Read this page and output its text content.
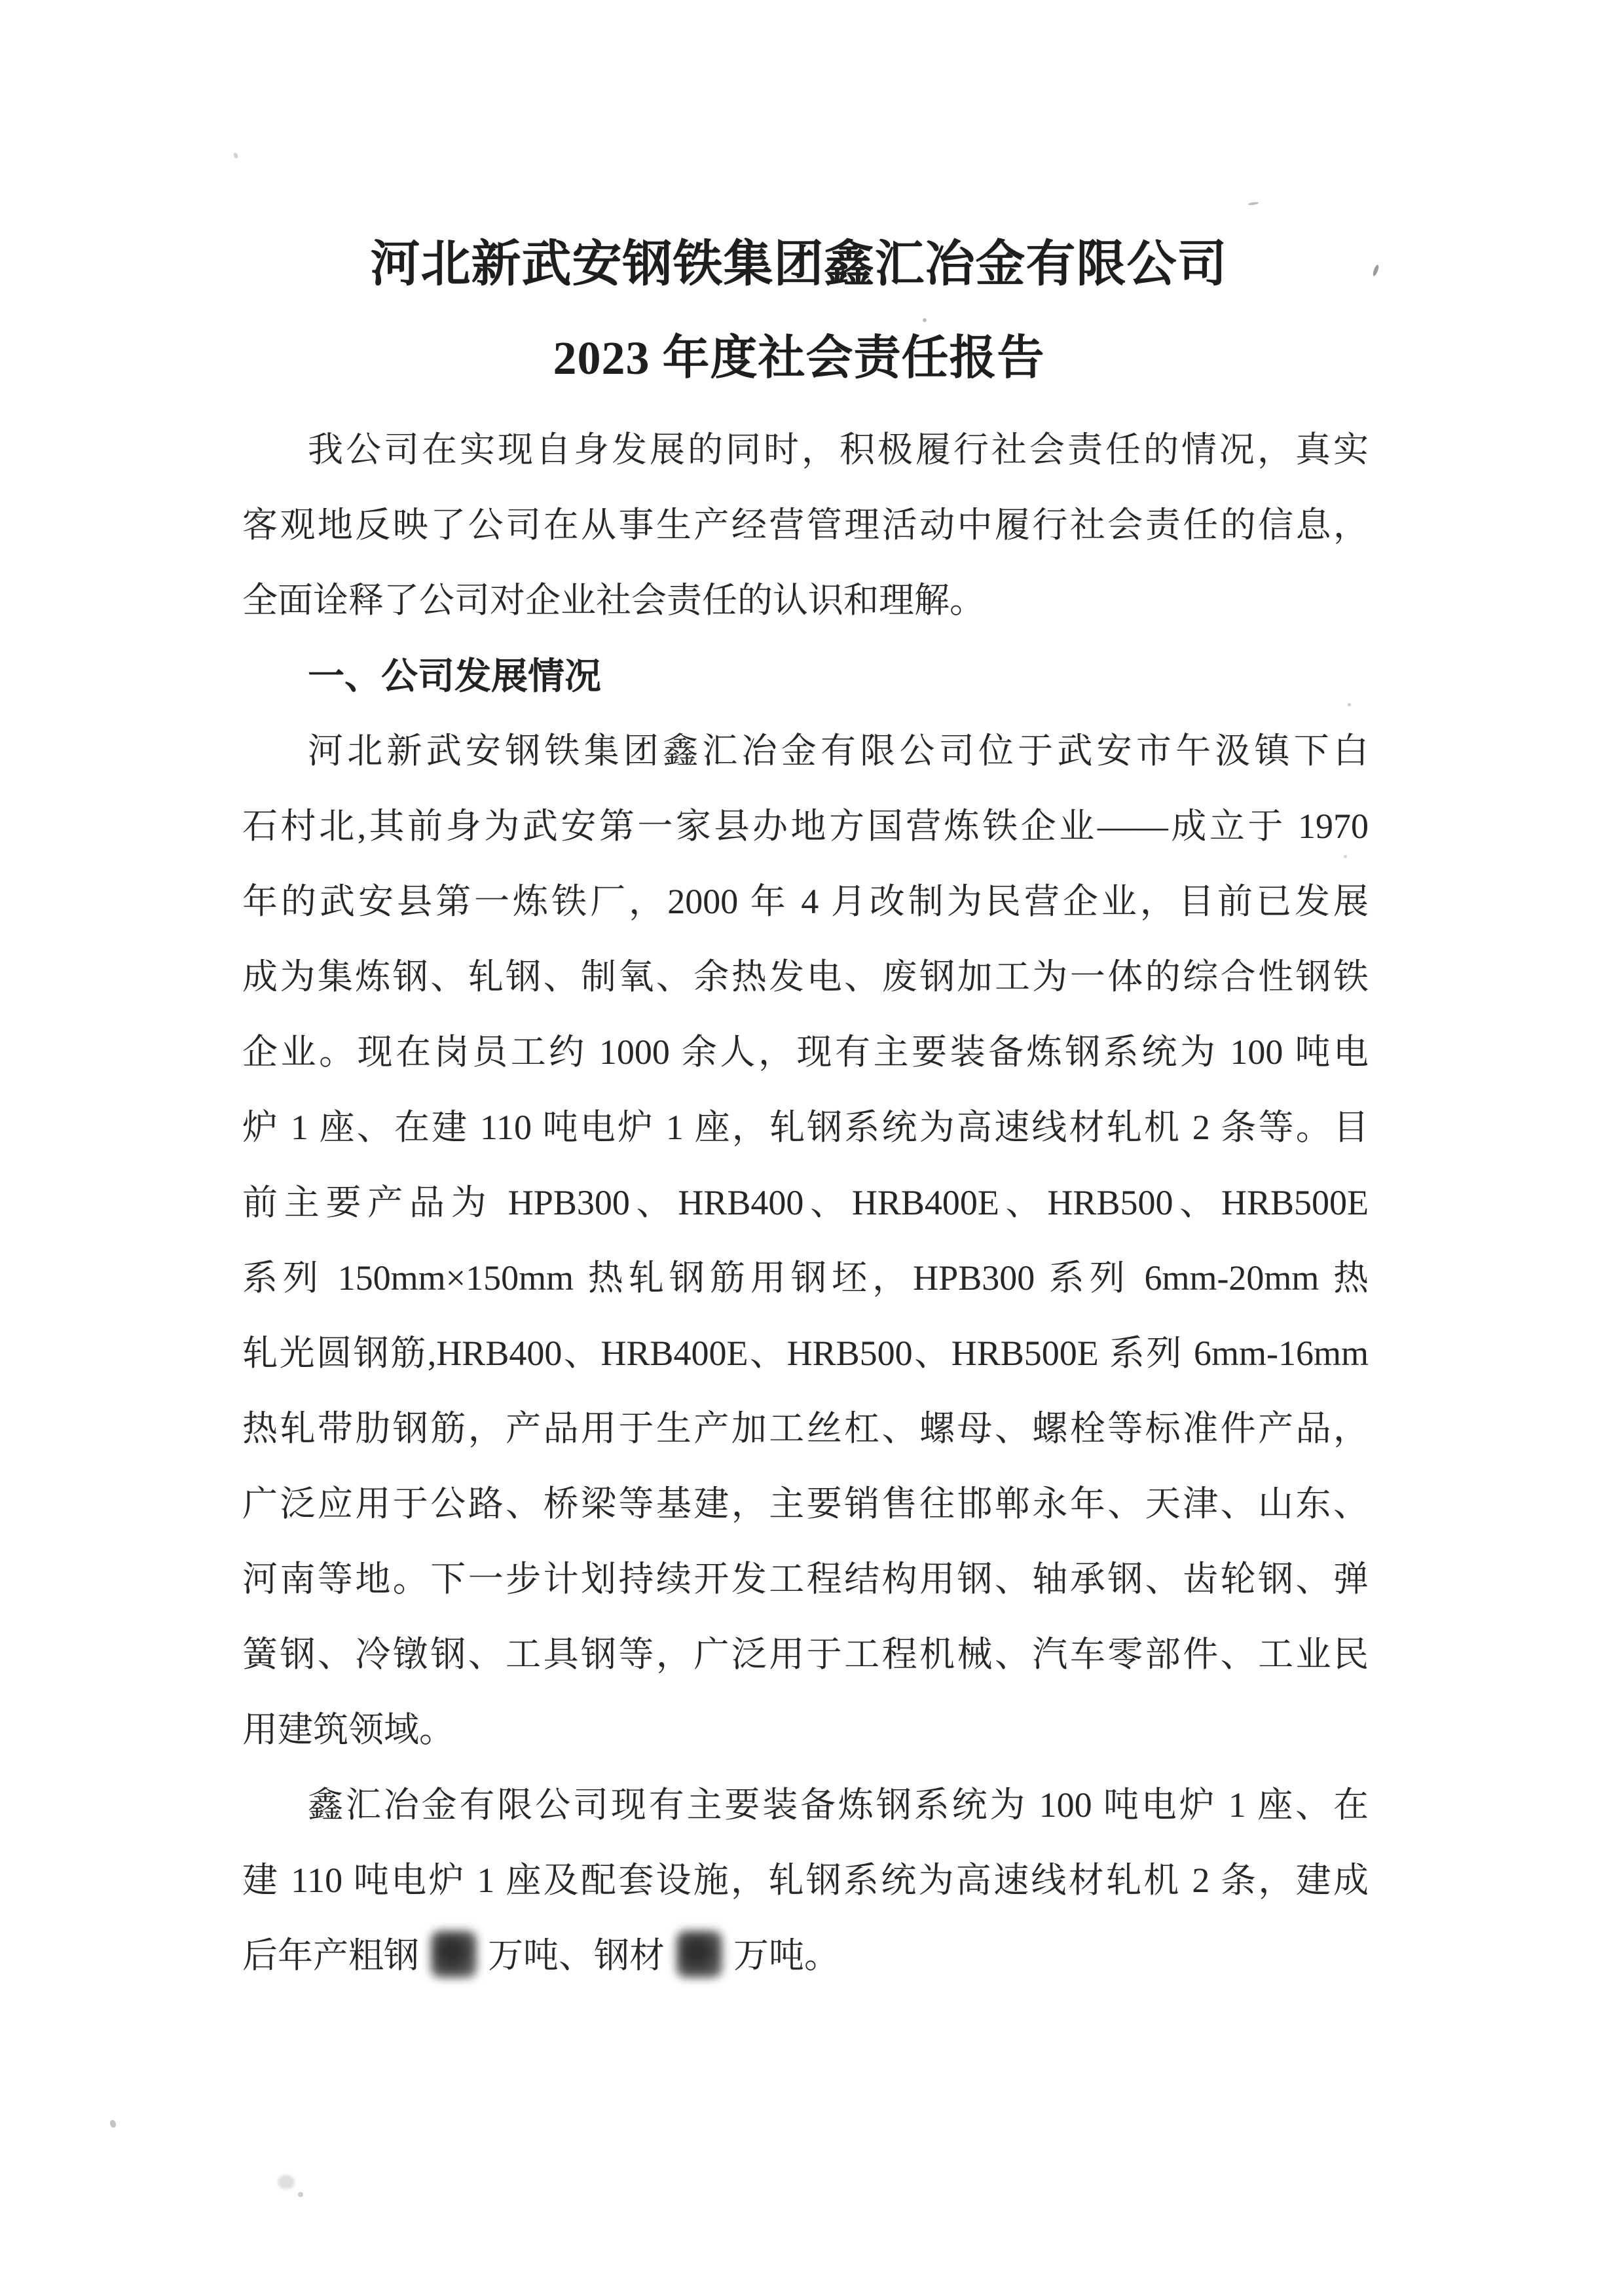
河北新武安钢铁集团鑫汇冶金有限公司
2023 年度社会责任报告
我公司在实现自身发展的同时，积极履行社会责任的情况，真实
客观地反映了公司在从事生产经营管理活动中履行社会责任的信息，
全面诠释了公司对企业社会责任的认识和理解。
一、公司发展情况
河北新武安钢铁集团鑫汇冶金有限公司位于武安市午汲镇下白
石村北,其前身为武安第一家县办地方国营炼铁企业——成立于 1970
年的武安县第一炼铁厂，2000 年 4 月改制为民营企业，目前已发展
成为集炼钢、轧钢、制氧、余热发电、废钢加工为一体的综合性钢铁
企业。现在岗员工约 1000 余人，现有主要装备炼钢系统为 100 吨电
炉 1 座、在建 110 吨电炉 1 座，轧钢系统为高速线材轧机 2 条等。目
前主要产品为 HPB300、HRB400、HRB400E、HRB500、HRB500E
系列 150mm×150mm 热轧钢筋用钢坯，HPB300 系列 6mm-20mm 热
轧光圆钢筋,HRB400、HRB400E、HRB500、HRB500E 系列 6mm-16mm
热轧带肋钢筋，产品用于生产加工丝杠、螺母、螺栓等标准件产品，
广泛应用于公路、桥梁等基建，主要销售往邯郸永年、天津、山东、
河南等地。下一步计划持续开发工程结构用钢、轴承钢、齿轮钢、弹
簧钢、冷镦钢、工具钢等，广泛用于工程机械、汽车零部件、工业民
用建筑领域。
鑫汇冶金有限公司现有主要装备炼钢系统为 100 吨电炉 1 座、在
建 110 吨电炉 1 座及配套设施，轧钢系统为高速线材轧机 2 条，建成
后年产粗钢  万吨、钢材  万吨。
